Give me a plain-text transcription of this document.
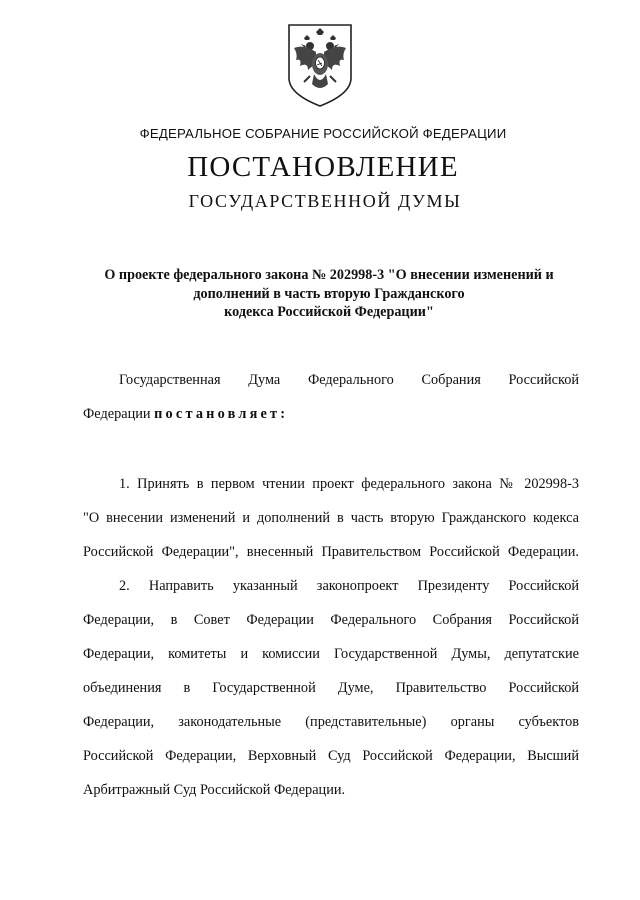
ФЕДЕРАЛЬНОЕ СОБРАНИЕ РОССИЙСКОЙ ФЕДЕРАЦИИ
ПОСТАНОВЛЕНИЕ
ГОСУДАРСТВЕННОЙ ДУМЫ
О проекте федерального закона № 202998-3 "О внесении изменений и
дополнений в часть вторую Гражданского
кодекса Российской Федерации"
Государственная Дума Федерального Собрания Российской
Федерации постановляет:
1. Принять в первом чтении проект федерального закона № 202998-3
"О внесении изменений и дополнений в часть вторую Гражданского кодекса
Российской Федерации", внесенный Правительством Российской Федерации.
2. Направить указанный законопроект Президенту Российской
Федерации, в Совет Федерации Федерального Собрания Российской
Федерации, комитеты и комиссии Государственной Думы, депутатские
объединения в Государственной Думе, Правительство Российской
Федерации, законодательные (представительные) органы субъектов
Российской Федерации, Верховный Суд Российской Федерации, Высший
Арбитражный Суд Российской Федерации.
